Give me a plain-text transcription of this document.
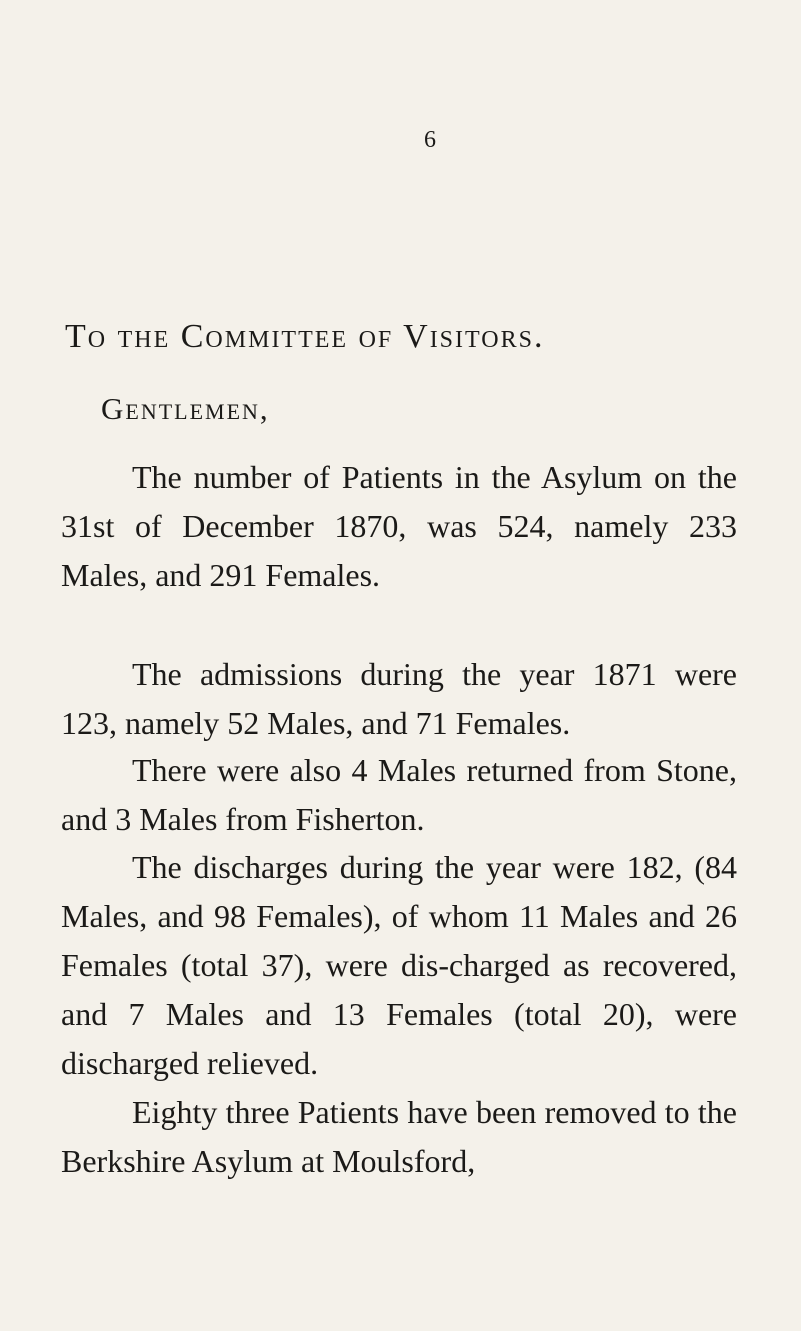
6
To the Committee of Visitors.
Gentlemen,
The number of Patients in the Asylum on the 31st of December 1870, was 524, namely 233 Males, and 291 Females.
The admissions during the year 1871 were 123, namely 52 Males, and 71 Females.
There were also 4 Males returned from Stone, and 3 Males from Fisherton.
The discharges during the year were 182, (84 Males, and 98 Females), of whom 11 Males and 26 Females (total 37), were dis-charged as recovered, and 7 Males and 13 Females (total 20), were discharged relieved.
Eighty three Patients have been removed to the Berkshire Asylum at Moulsford,
